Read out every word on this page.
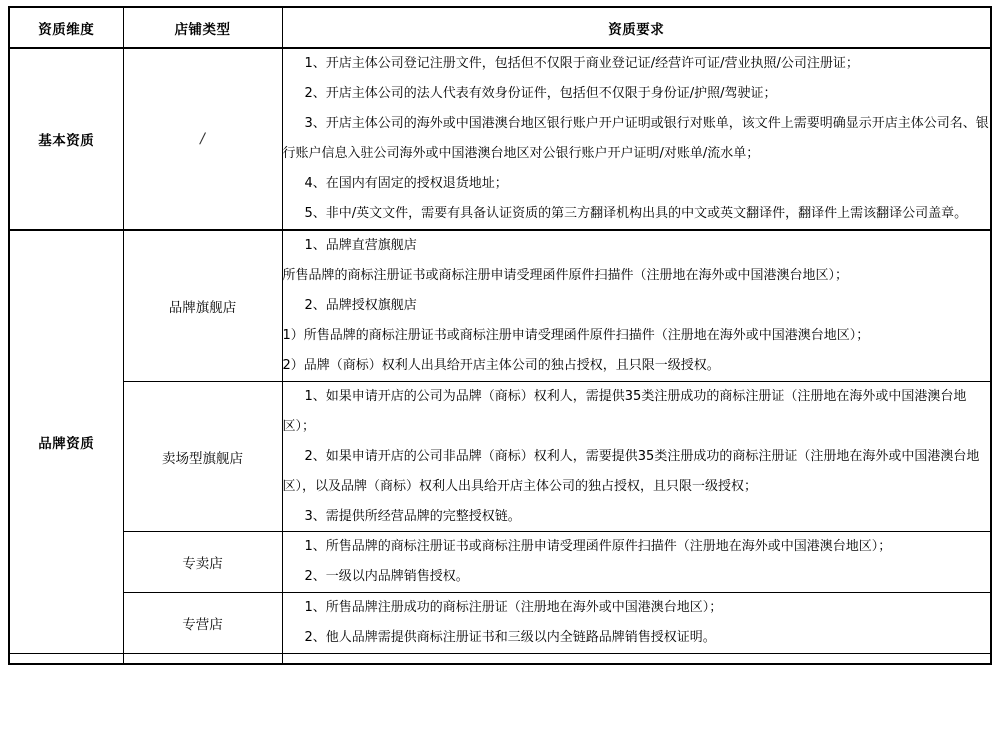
资质维度	店铺类型	资质要求
基本资质	/	1、开店主体公司登记注册文件，包括但不仅限于商业登记证/经营许可证/营业执照/公司注册证；

2、开店主体公司的法人代表有效身份证件，包括但不仅限于身份证/护照/驾驶证；

3、开店主体公司的海外或中国港澳台地区银行账户开户证明或银行对账单，该文件上需要明确显示开店主体公司名、银行账户信息入驻公司海外或中国港澳台地区对公银行账户开户证明/对账单/流水单；

4、在国内有固定的授权退货地址；

5、非中/英文文件，需要有具备认证资质的第三方翻译机构出具的中文或英文翻译件，翻译件上需该翻译公司盖章。

品牌资质	品牌旗舰店	1、品牌直营旗舰店

所售品牌的商标注册证书或商标注册申请受理函件原件扫描件（注册地在海外或中国港澳台地区）；

2、品牌授权旗舰店

1）所售品牌的商标注册证书或商标注册申请受理函件原件扫描件（注册地在海外或中国港澳台地区）；

2）品牌（商标）权利人出具给开店主体公司的独占授权，且只限一级授权。

	卖场型旗舰店	1、如果申请开店的公司为品牌（商标）权利人，需提供35类注册成功的商标注册证（注册地在海外或中国港澳台地区）；

2、如果申请开店的公司非品牌（商标）权利人，需要提供35类注册成功的商标注册证（注册地在海外或中国港澳台地区），以及品牌（商标）权利人出具给开店主体公司的独占授权，且只限一级授权；

3、需提供所经营品牌的完整授权链。

	专卖店	1、所售品牌的商标注册证书或商标注册申请受理函件原件扫描件（注册地在海外或中国港澳台地区）；

2、一级以内品牌销售授权。

	专营店	1、所售品牌注册成功的商标注册证（注册地在海外或中国港澳台地区）；

2、他人品牌需提供商标注册证书和三级以内全链路品牌销售授权证明。
